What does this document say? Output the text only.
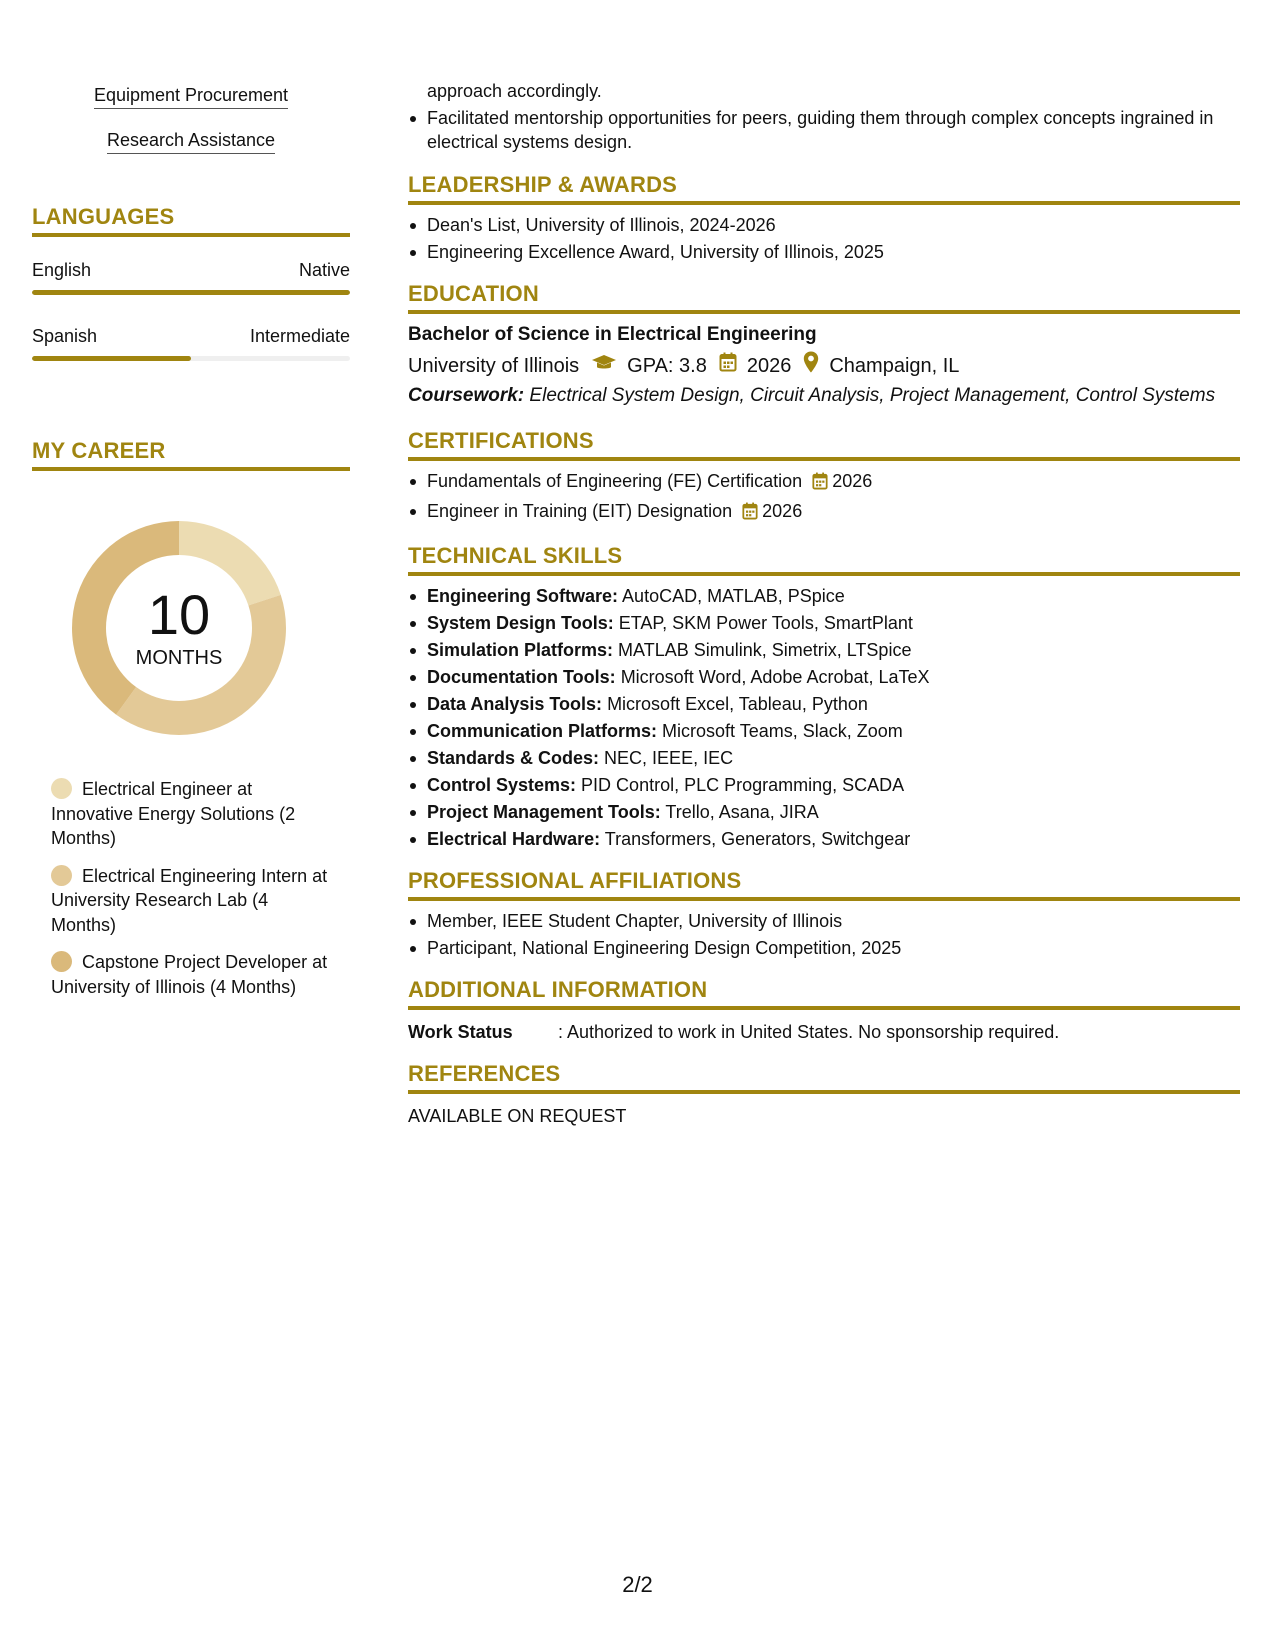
Equipment Procurement
Research Assistance
LANGUAGES
English	Native
Spanish	Intermediate
MY CAREER
10
MONTHS
Electrical Engineer at Innovative Energy Solutions (2 Months)
Electrical Engineering Intern at University Research Lab (4 Months)
Capstone Project Developer at University of Illinois (4 Months)
approach accordingly.
Facilitated mentorship opportunities for peers, guiding them through complex concepts ingrained in electrical systems design.
LEADERSHIP & AWARDS
Dean's List, University of Illinois, 2024-2026
Engineering Excellence Award, University of Illinois, 2025
EDUCATION
Bachelor of Science in Electrical Engineering
University of Illinois GPA: 3.8 2026 Champaign, IL
Coursework: Electrical System Design, Circuit Analysis, Project Management, Control Systems
CERTIFICATIONS
Fundamentals of Engineering (FE) Certification 2026
Engineer in Training (EIT) Designation 2026
TECHNICAL SKILLS
Engineering Software: AutoCAD, MATLAB, PSpice
System Design Tools: ETAP, SKM Power Tools, SmartPlant
Simulation Platforms: MATLAB Simulink, Simetrix, LTSpice
Documentation Tools: Microsoft Word, Adobe Acrobat, LaTeX
Data Analysis Tools: Microsoft Excel, Tableau, Python
Communication Platforms: Microsoft Teams, Slack, Zoom
Standards & Codes: NEC, IEEE, IEC
Control Systems: PID Control, PLC Programming, SCADA
Project Management Tools: Trello, Asana, JIRA
Electrical Hardware: Transformers, Generators, Switchgear
PROFESSIONAL AFFILIATIONS
Member, IEEE Student Chapter, University of Illinois
Participant, National Engineering Design Competition, 2025
ADDITIONAL INFORMATION
Work Status	: Authorized to work in United States. No sponsorship required.
REFERENCES
AVAILABLE ON REQUEST
2/2
